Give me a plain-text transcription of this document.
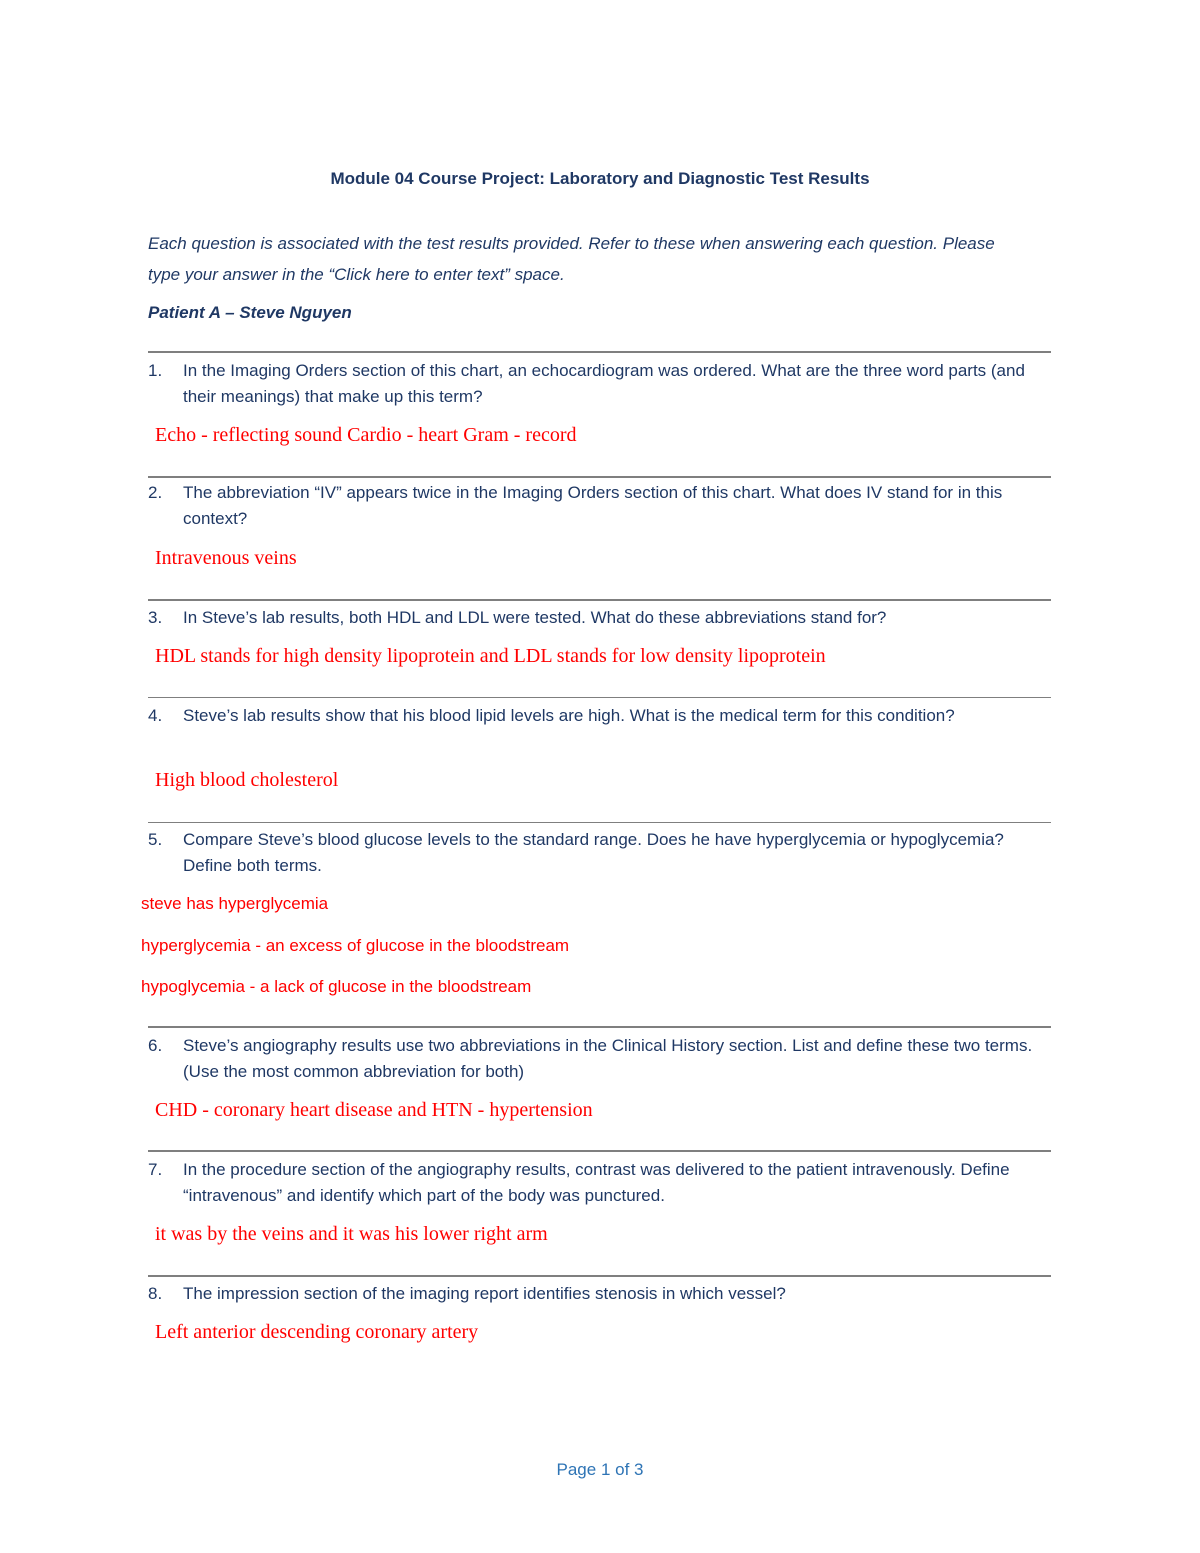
Module 04 Course Project: Laboratory and Diagnostic Test Results
Each question is associated with the test results provided. Refer to these when answering each question. Please type your answer in the “Click here to enter text” space.
Patient A – Steve Nguyen
1.	In the Imaging Orders section of this chart, an echocardiogram was ordered. What are the three word parts (and their meanings) that make up this term?
Echo - reflecting sound Cardio - heart Gram - record
2.	The abbreviation “IV” appears twice in the Imaging Orders section of this chart. What does IV stand for in this context?
Intravenous veins
3.	In Steve’s lab results, both HDL and LDL were tested. What do these abbreviations stand for?
HDL stands for high density lipoprotein and LDL stands for low density lipoprotein
4.	Steve’s lab results show that his blood lipid levels are high. What is the medical term for this condition?
High blood cholesterol
5.	Compare Steve’s blood glucose levels to the standard range. Does he have hyperglycemia or hypoglycemia? Define both terms.
steve has hyperglycemia
hyperglycemia - an excess of glucose in the bloodstream
hypoglycemia - a lack of glucose in the bloodstream
6.	Steve’s angiography results use two abbreviations in the Clinical History section. List and define these two terms. (Use the most common abbreviation for both)
CHD - coronary heart disease and HTN - hypertension
7.	In the procedure section of the angiography results, contrast was delivered to the patient intravenously. Define “intravenous” and identify which part of the body was punctured.
it was by the veins and it was his lower right arm
8.	The impression section of the imaging report identifies stenosis in which vessel?
Left anterior descending coronary artery
Page 1 of 3
